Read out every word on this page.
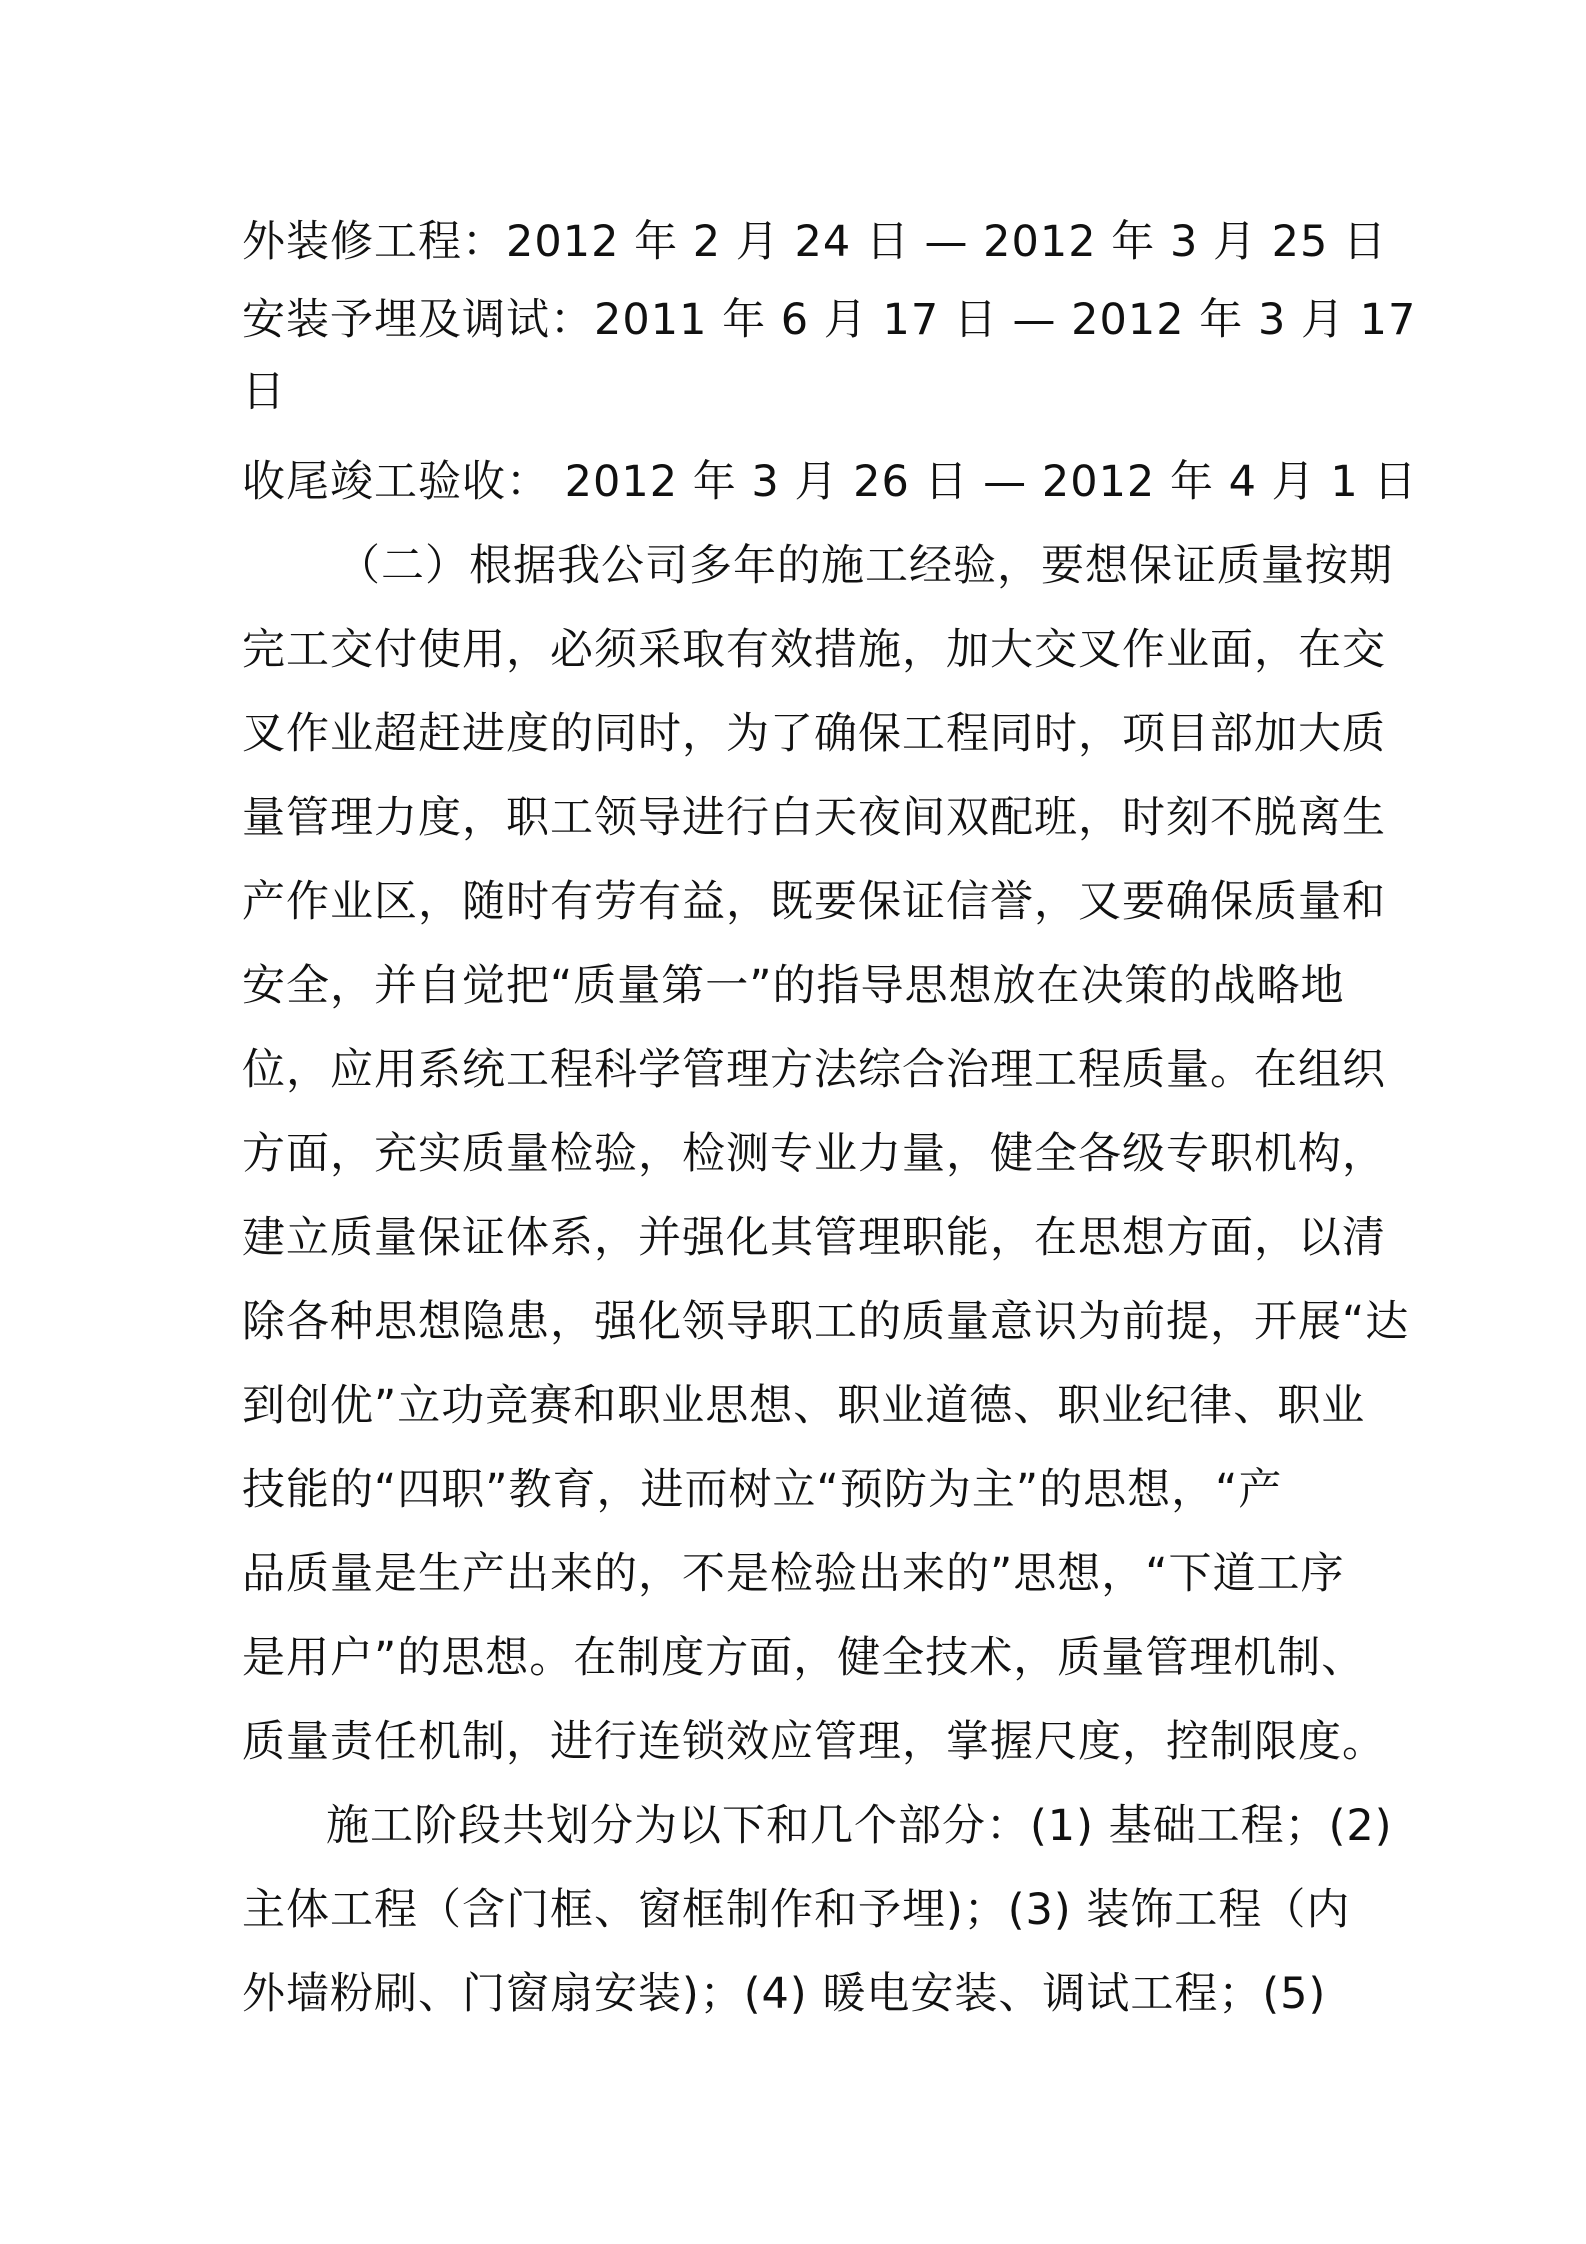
外装修工程：2012 年 2 月 24 日 — 2012 年 3 月 25 日
安装予埋及调试：2011 年 6 月 17 日 — 2012 年 3 月 17
日
收尾竣工验收： 2012 年 3 月 26 日 — 2012 年 4 月 1 日
（二）根据我公司多年的施工经验，要想保证质量按期
完工交付使用，必须采取有效措施，加大交叉作业面，在交
叉作业超赶进度的同时，为了确保工程同时，项目部加大质
量管理力度，职工领导进行白天夜间双配班，时刻不脱离生
产作业区，随时有劳有益，既要保证信誉，又要确保质量和
安全，并自觉把“质量第一”的指导思想放在决策的战略地
位，应用系统工程科学管理方法综合治理工程质量。在组织
方面，充实质量检验，检测专业力量，健全各级专职机构，
建立质量保证体系，并强化其管理职能，在思想方面，以清
除各种思想隐患，强化领导职工的质量意识为前提，开展“达
到创优”立功竞赛和职业思想、职业道德、职业纪律、职业
技能的“四职”教育，进而树立“预防为主”的思想，“产
品质量是生产出来的，不是检验出来的”思想，“下道工序
是用户”的思想。在制度方面，健全技术，质量管理机制、
质量责任机制，进行连锁效应管理，掌握尺度，控制限度。
施工阶段共划分为以下和几个部分：(1) 基础工程；(2)
主体工程（含门框、窗框制作和予埋)；(3) 装饰工程（内
外墙粉刷、门窗扇安装)；(4) 暖电安装、调试工程；(5)
